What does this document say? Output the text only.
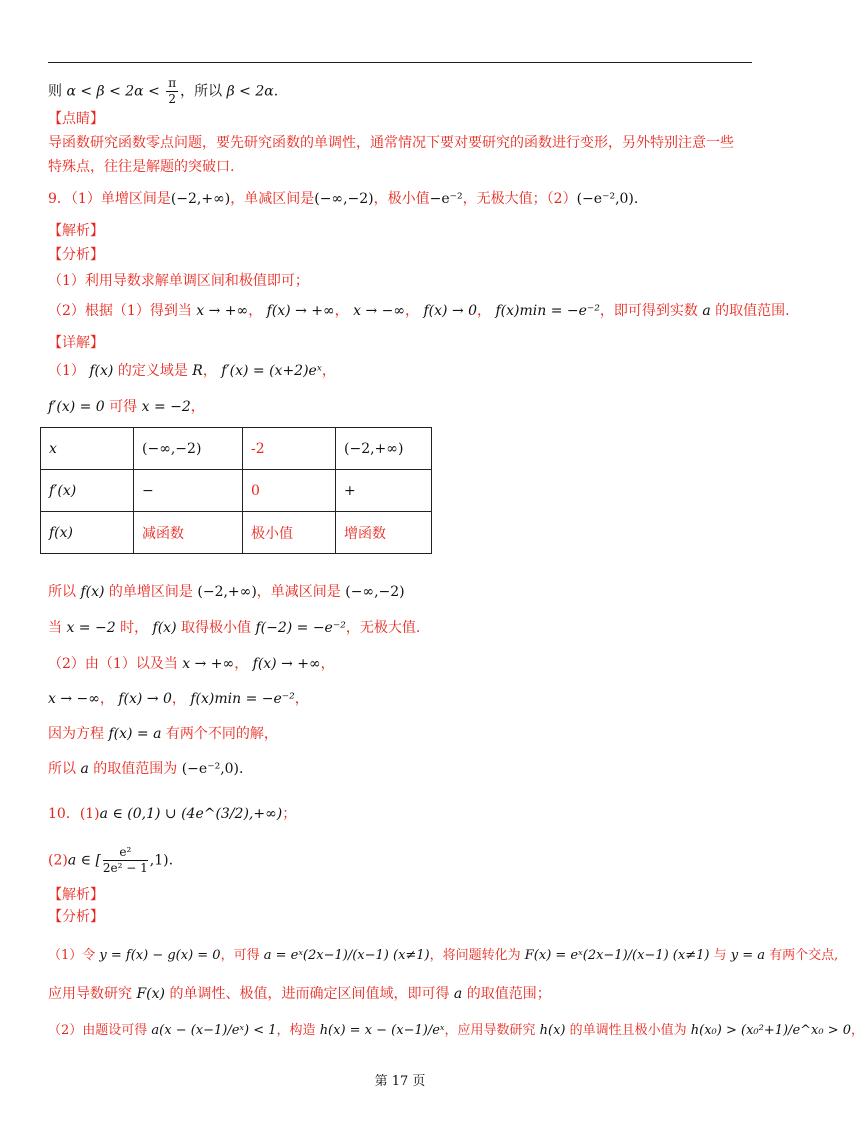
则 $\alpha < \beta < 2\alpha < \frac{\pi}{2}$ ，所以 β < 2α.
【点睛】
导函数研究函数零点问题，要先研究函数的单调性，通常情况下要对要研究的函数进行变形，另外特别注意一些
特殊点，往往是解题的突破口.
9．（1）单增区间是(−2,+∞)，单减区间是(−∞,−2)，极小值−e⁻²，无极大值；（2）(−e⁻²,0).
【解析】
【分析】
（1）利用导数求解单调区间和极值即可；
（2）根据（1）得到当 x → +∞， f(x) → +∞， x → −∞， f(x) → 0， f(x)min = −e⁻²，即可得到实数 a 的取值范围.
【详解】
（1） f(x) 的定义域是 R， f′(x) = (x+2)eˣ，
f′(x) = 0 可得 x = −2，
x	(−∞,−2)	-2	(−2,+∞)
f′(x)	−	0	+
f(x)	减函数	极小值	增函数
所以 f(x) 的单增区间是 (−2,+∞)，单减区间是 (−∞,−2)
当 x = −2 时， f(x) 取得极小值 f(−2) = −e⁻²，无极大值.
（2）由（1）以及当 x → +∞， f(x) → +∞，
x → −∞， f(x) → 0， f(x)min = −e⁻²，
因为方程 f(x) = a 有两个不同的解，
所以 a 的取值范围为 (−e⁻²,0).
10．(1)a ∈ (0,1) ∪ (4e^(3/2),+∞)；
(2)a ∈ [ $\frac{\text{e²}}{\text{2e² − 1}} ,1$).
【解析】
【分析】
（1）令 y = f(x) − g(x) = 0，可得 a = eˣ(2x−1)/(x−1) (x≠1)，将问题转化为 F(x) = eˣ(2x−1)/(x−1) (x≠1) 与 y = a 有两个交点,
应用导数研究 F(x) 的单调性、极值，进而确定区间值域，即可得 a 的取值范围；
（2）由题设可得 a(x − (x−1)/eˣ) < 1，构造 h(x) = x − (x−1)/eˣ，应用导数研究 h(x) 的单调性且极小值为 h(x₀) > (x₀²+1)/e^x₀ > 0，
第 17 页
